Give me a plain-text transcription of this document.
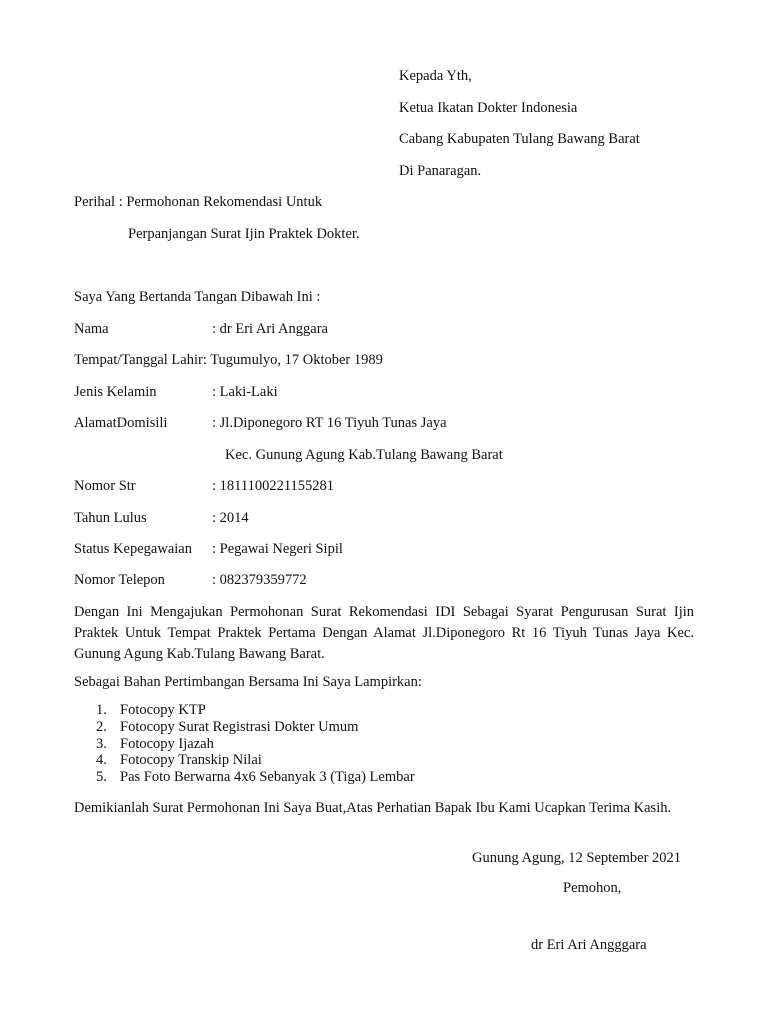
Kepada Yth,
Ketua Ikatan Dokter Indonesia
Cabang Kabupaten Tulang Bawang Barat
Di Panaragan.
Perihal : Permohonan Rekomendasi Untuk
Perpanjangan Surat Ijin Praktek Dokter.
Saya Yang Bertanda Tangan Dibawah Ini :
Nama	: dr Eri Ari Anggara
Tempat/Tanggal Lahir: Tugumulyo, 17 Oktober 1989
Jenis Kelamin	: Laki-Laki
AlamatDomisili	: Jl.Diponegoro RT 16 Tiyuh Tunas Jaya
Kec. Gunung Agung Kab.Tulang Bawang Barat
Nomor Str	: 1811100221155281
Tahun Lulus	: 2014
Status Kepegawaian : Pegawai Negeri Sipil
Nomor Telepon	: 082379359772
Dengan Ini Mengajukan Permohonan Surat Rekomendasi IDI Sebagai Syarat Pengurusan Surat Ijin Praktek Untuk Tempat Praktek Pertama Dengan Alamat Jl.Diponegoro Rt 16 Tiyuh Tunas Jaya Kec. Gunung Agung Kab.Tulang Bawang Barat.
Sebagai Bahan Pertimbangan Bersama Ini Saya Lampirkan:
1. Fotocopy KTP
2. Fotocopy Surat Registrasi Dokter Umum
3. Fotocopy Ijazah
4. Fotocopy Transkip Nilai
5. Pas Foto Berwarna 4x6 Sebanyak 3 (Tiga) Lembar
Demikianlah Surat Permohonan Ini Saya Buat,Atas Perhatian Bapak Ibu Kami Ucapkan Terima Kasih.
Gunung Agung, 12 September 2021
Pemohon,
dr Eri Ari Angggara
